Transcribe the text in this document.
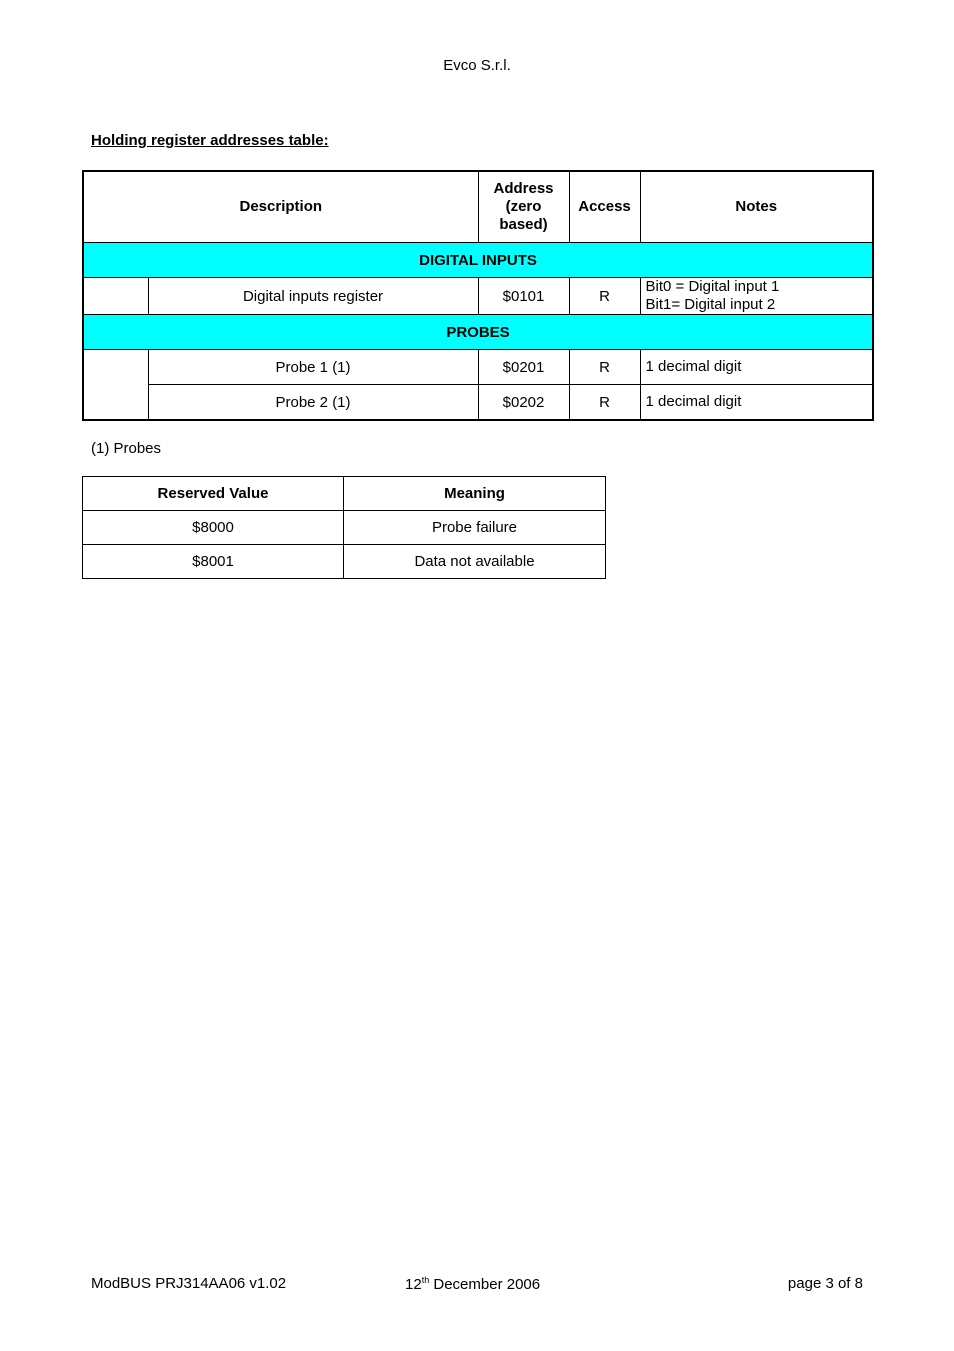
Evco S.r.l.
Holding register addresses table:
Description		Address
(zero
based)	Access	Notes
DIGITAL INPUTS				
	Digital inputs register	$0101	R	Bit0 = Digital input 1
Bit1= Digital input 2
PROBES				
	Probe 1 (1)	$0201	R	1 decimal digit
	Probe 2 (1)	$0202	R	1 decimal digit
(1) Probes
Reserved Value	Meaning
$8000	Probe failure
$8001	Data not available
ModBUS PRJ314AA06 v1.02	12th December 2006	page 3 of 8
